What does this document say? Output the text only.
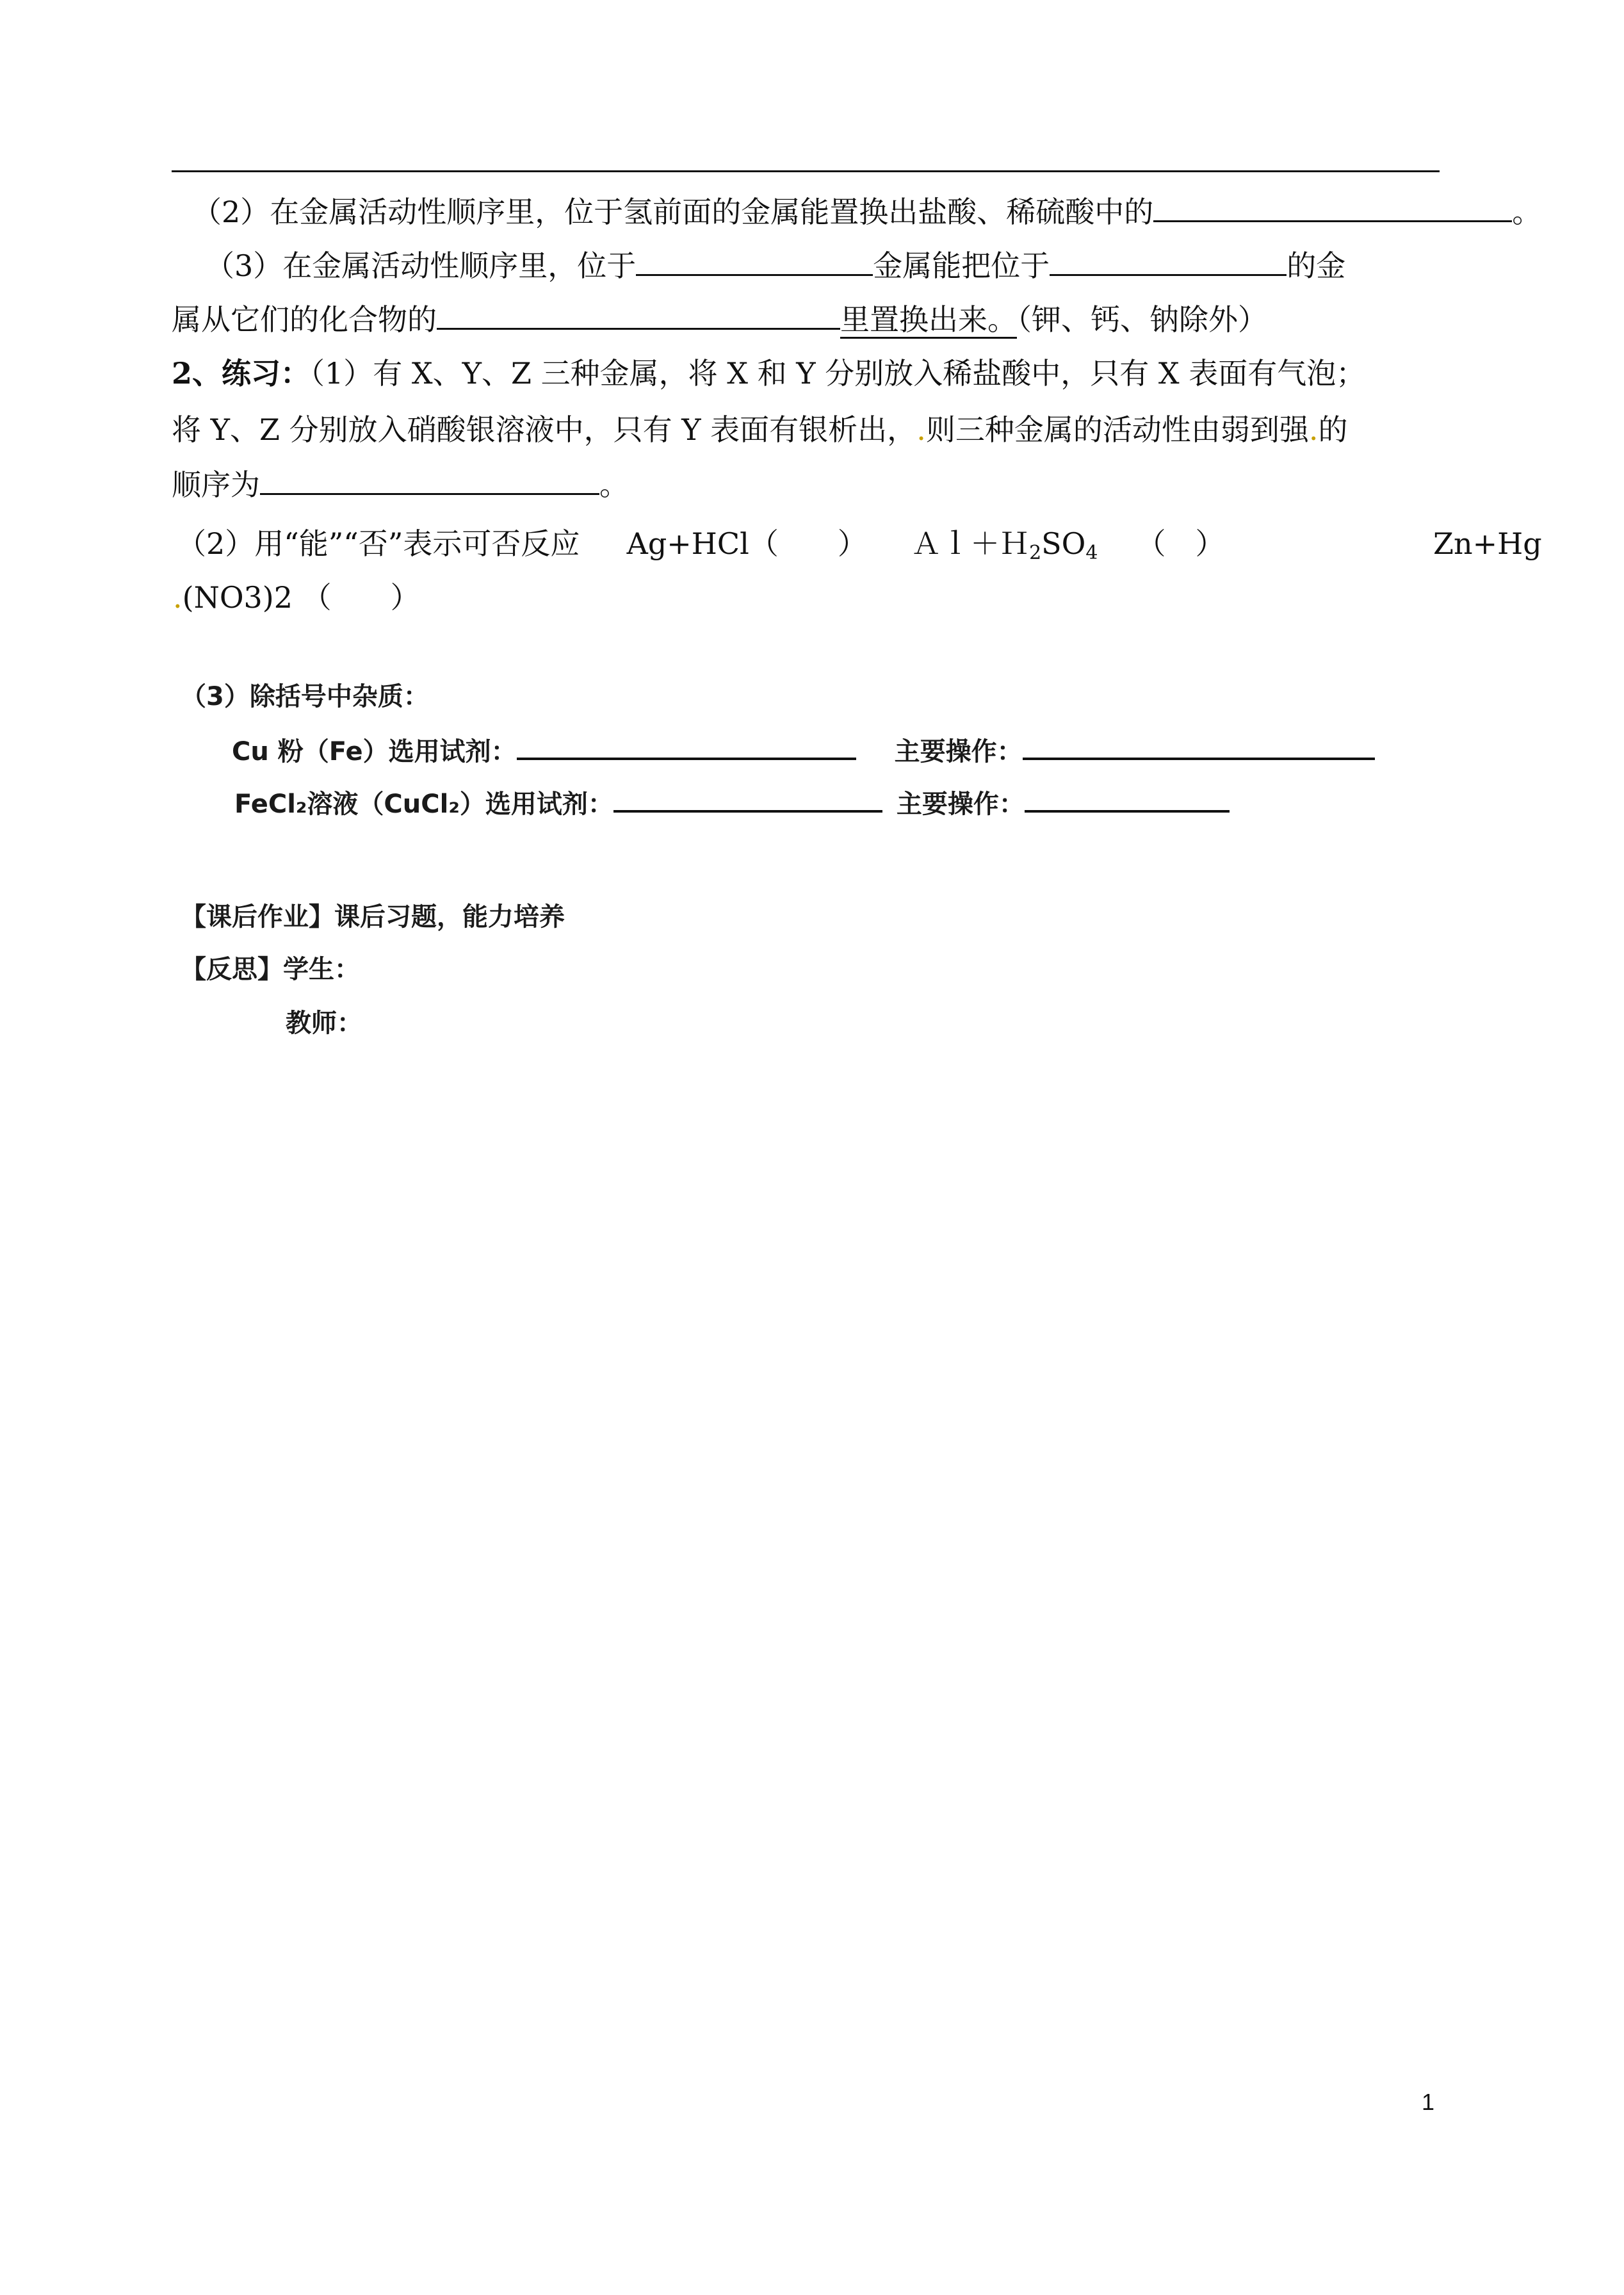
（2）在金属活动性顺序里，位于氢前面的金属能置换出盐酸、稀硫酸中的	。
（3）在金属活动性顺序里，位于	金属能把位于	的金
属从它们的化合物的	里置换出来。（钾、钙、钠除外）
2、练习：（1）有 X、Y、Z 三种金属，将 X 和 Y 分别放入稀盐酸中，只有 X 表面有气泡；
将 Y、Z 分别放入硝酸银溶液中，只有 Y 表面有银析出，.则三种金属的活动性由弱到强.的
顺序为	。
（2）用“能”“否”表示可否反应 Ag+HCl（　　） $Al+H_2SO_4$ （　）	Zn+Hg
.(NO3)2 （　　）
（3）除括号中杂质：
Cu 粉（Fe）选用试剂：	主要操作：
FeCl₂溶液（CuCl₂）选用试剂：	主要操作：
【课后作业】课后习题，能力培养
【反思】学生：
教师：
1
